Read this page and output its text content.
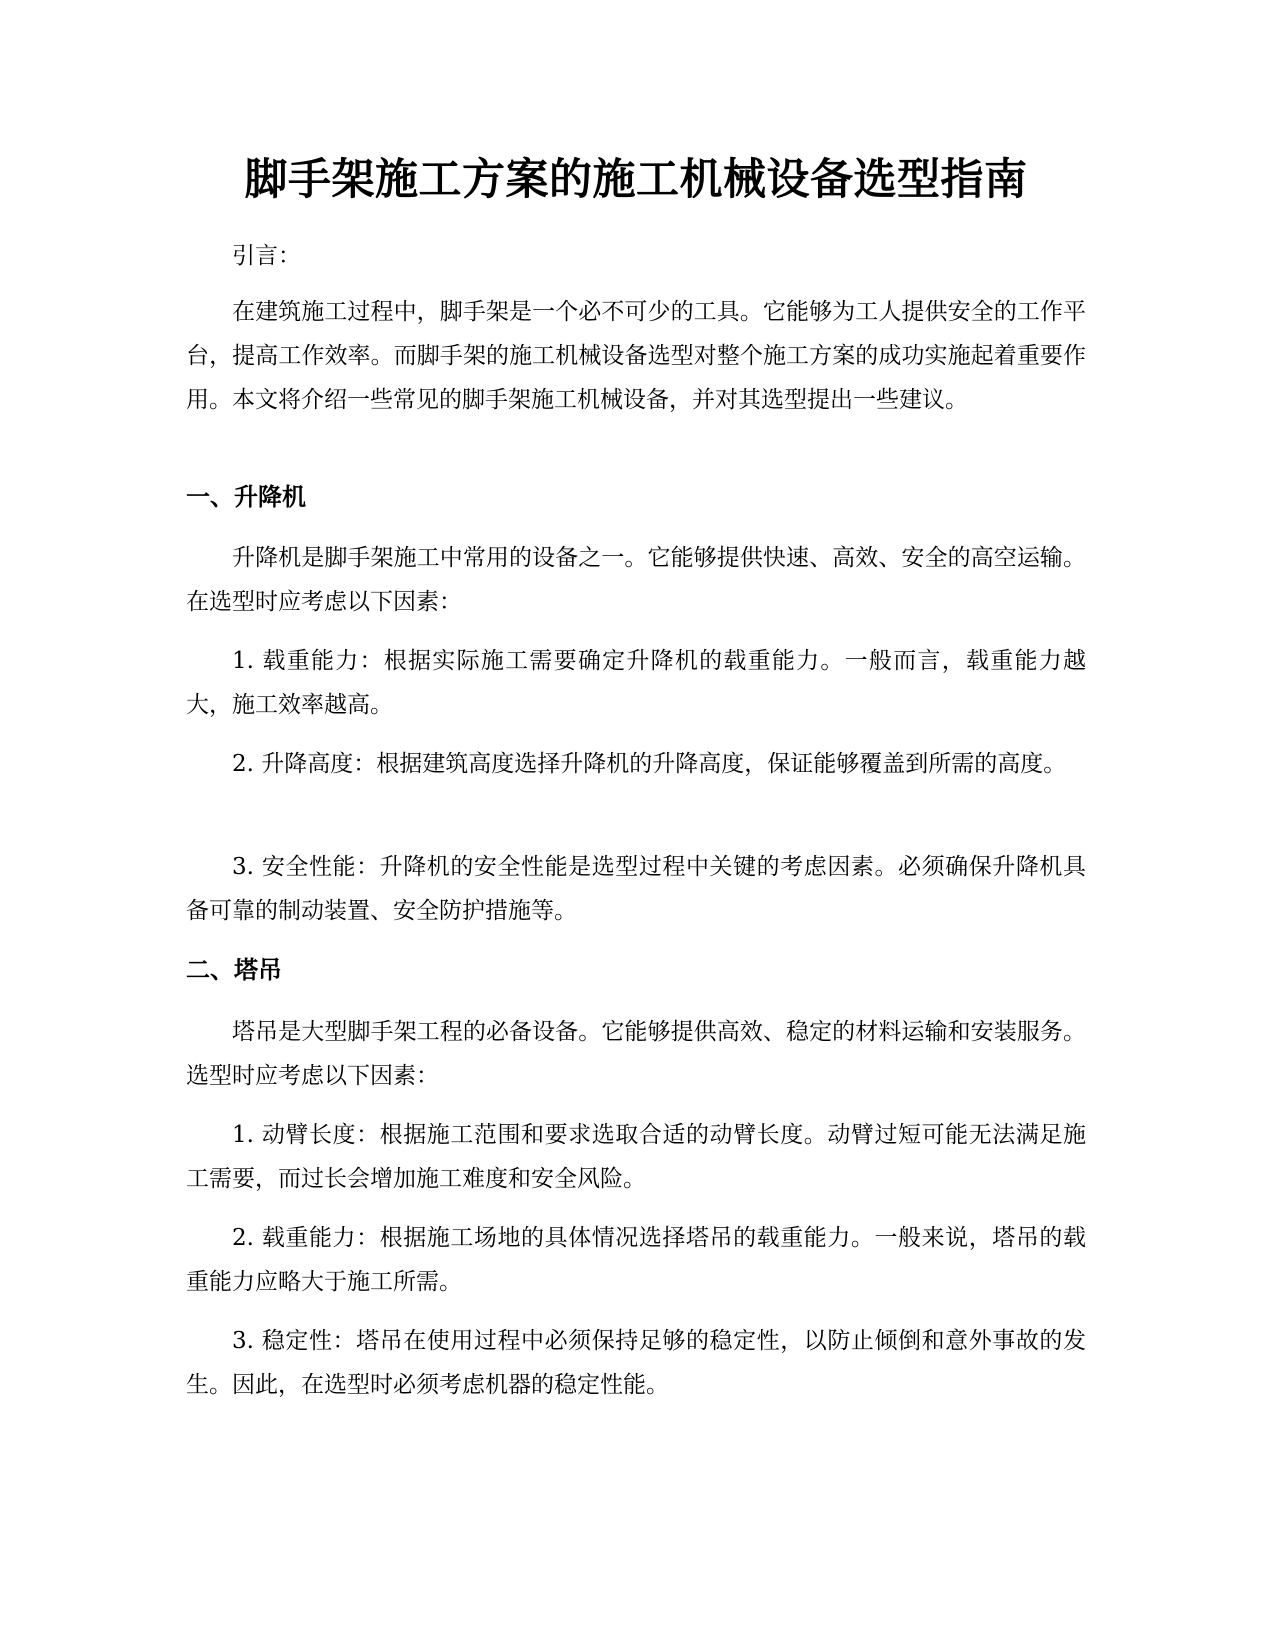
脚手架施工方案的施工机械设备选型指南

引言：

在建筑施工过程中，脚手架是一个必不可少的工具。它能够为工人提供安全的工作平台，提高工作效率。而脚手架的施工机械设备选型对整个施工方案的成功实施起着重要作用。本文将介绍一些常见的脚手架施工机械设备，并对其选型提出一些建议。

一、升降机

升降机是脚手架施工中常用的设备之一。它能够提供快速、高效、安全的高空运输。在选型时应考虑以下因素：

1. 载重能力：根据实际施工需要确定升降机的载重能力。一般而言，载重能力越大，施工效率越高。

2. 升降高度：根据建筑高度选择升降机的升降高度，保证能够覆盖到所需的高度。

3. 安全性能：升降机的安全性能是选型过程中关键的考虑因素。必须确保升降机具备可靠的制动装置、安全防护措施等。

二、塔吊

塔吊是大型脚手架工程的必备设备。它能够提供高效、稳定的材料运输和安装服务。选型时应考虑以下因素：

1. 动臂长度：根据施工范围和要求选取合适的动臂长度。动臂过短可能无法满足施工需要，而过长会增加施工难度和安全风险。

2. 载重能力：根据施工场地的具体情况选择塔吊的载重能力。一般来说，塔吊的载重能力应略大于施工所需。

3. 稳定性：塔吊在使用过程中必须保持足够的稳定性，以防止倾倒和意外事故的发生。因此，在选型时必须考虑机器的稳定性能。
